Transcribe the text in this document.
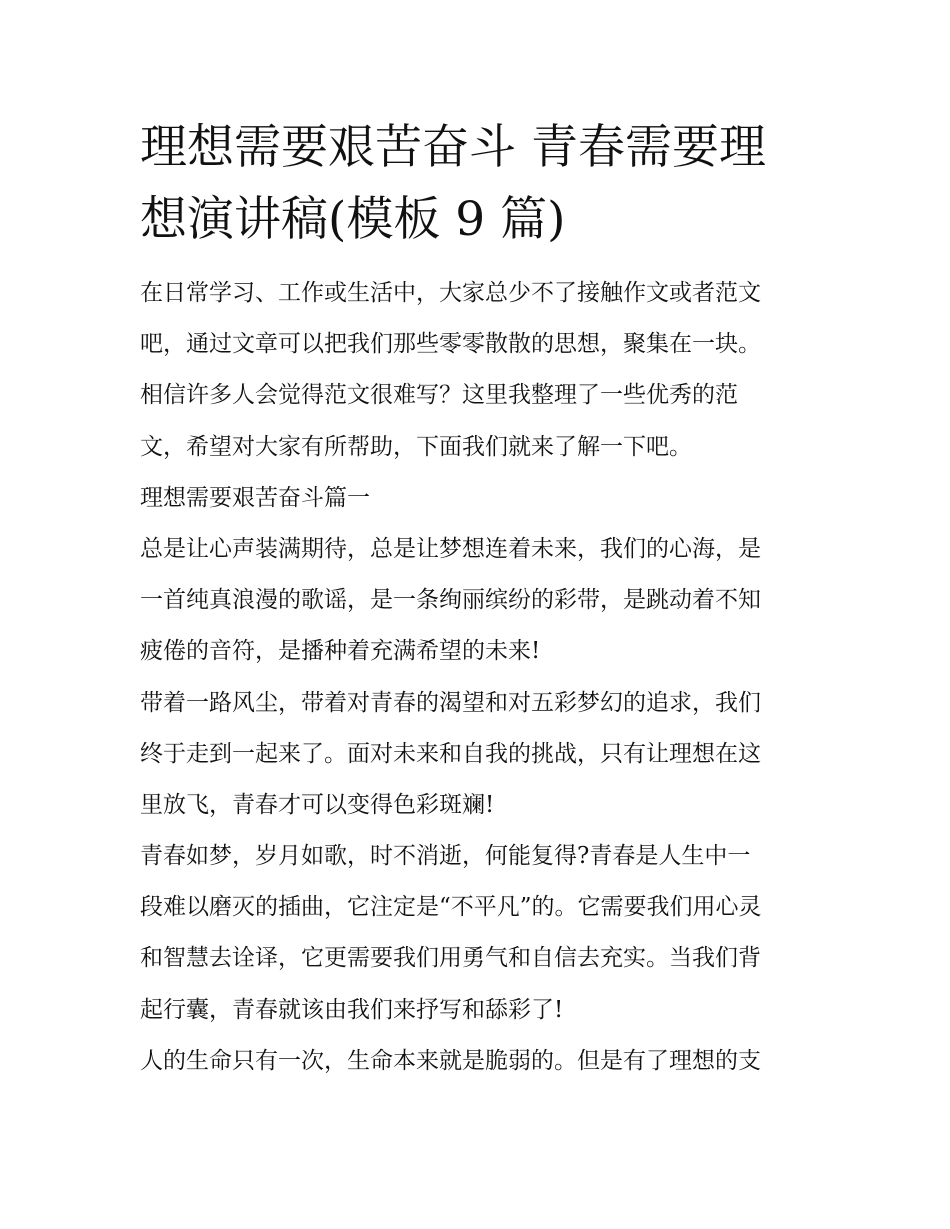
理想需要艰苦奋斗 青春需要理
想演讲稿(模板 9 篇)
在日常学习、工作或生活中，大家总少不了接触作文或者范文
吧，通过文章可以把我们那些零零散散的思想，聚集在一块。
相信许多人会觉得范文很难写？这里我整理了一些优秀的范
文，希望对大家有所帮助，下面我们就来了解一下吧。
理想需要艰苦奋斗篇一
总是让心声装满期待，总是让梦想连着未来，我们的心海，是
一首纯真浪漫的歌谣，是一条绚丽缤纷的彩带，是跳动着不知
疲倦的音符，是播种着充满希望的未来!
带着一路风尘，带着对青春的渴望和对五彩梦幻的追求，我们
终于走到一起来了。面对未来和自我的挑战，只有让理想在这
里放飞，青春才可以变得色彩斑斓!
青春如梦，岁月如歌，时不消逝，何能复得?青春是人生中一
段难以磨灭的插曲，它注定是“不平凡”的。它需要我们用心灵
和智慧去诠译，它更需要我们用勇气和自信去充实。当我们背
起行囊，青春就该由我们来抒写和舔彩了!
人的生命只有一次，生命本来就是脆弱的。但是有了理想的支
